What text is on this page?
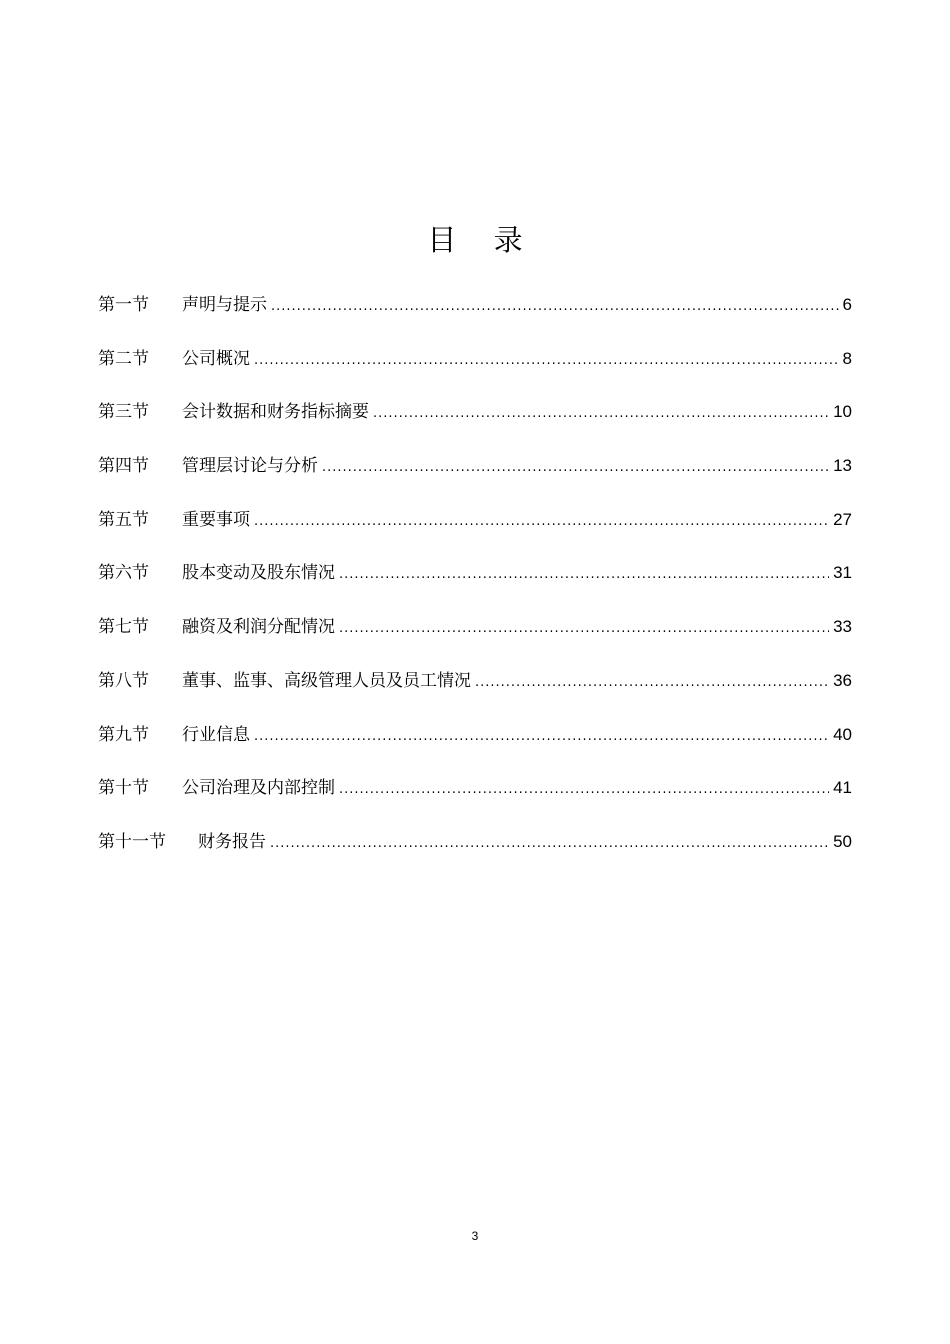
目 录
第一节	声明与提示 .....	6
第二节	公司概况 .....	8
第三节	会计数据和财务指标摘要 .....	10
第四节	管理层讨论与分析 .....	13
第五节	重要事项 .....	27
第六节	股本变动及股东情况 .....	31
第七节	融资及利润分配情况 .....	33
第八节	董事、监事、高级管理人员及员工情况 .....	36
第九节	行业信息 .....	40
第十节	公司治理及内部控制 .....	41
第十一节	财务报告 .....	50
3
